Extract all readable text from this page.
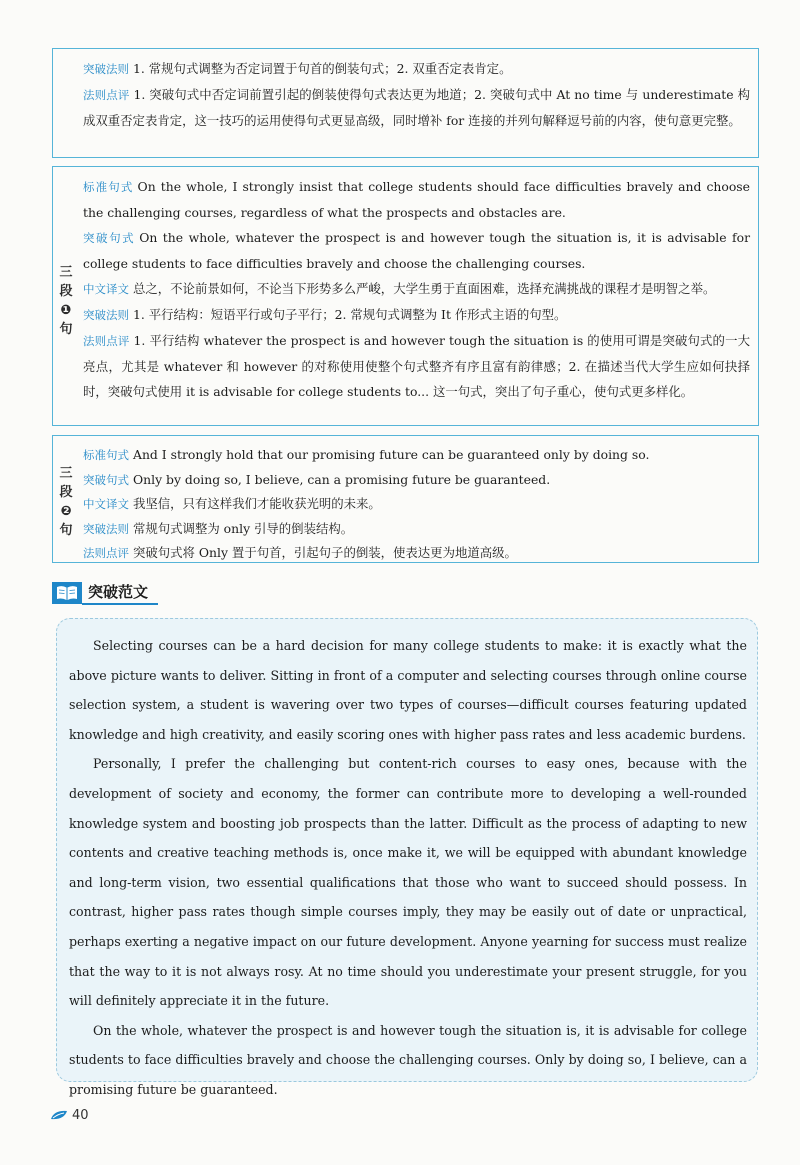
突破法则 1. 常规句式调整为否定词置于句首的倒装句式；2. 双重否定表肯定。
法则点评 1. 突破句式中否定词前置引起的倒装使得句式表达更为地道；2. 突破句式中 At no time 与 underestimate 构成双重否定表肯定，这一技巧的运用使得句式更显高级，同时增补 for 连接的并列句解释逗号前的内容，使句意更完整。
三
段
❶
句
标准句式 On the whole, I strongly insist that college students should face difficulties bravely and choose the challenging courses, regardless of what the prospects and obstacles are.
突破句式 On the whole, whatever the prospect is and however tough the situation is, it is advisable for college students to face difficulties bravely and choose the challenging courses.
中文译文 总之，不论前景如何，不论当下形势多么严峻，大学生勇于直面困难，选择充满挑战的课程才是明智之举。
突破法则 1. 平行结构：短语平行或句子平行；2. 常规句式调整为 It 作形式主语的句型。
法则点评 1. 平行结构 whatever the prospect is and however tough the situation is 的使用可谓是突破句式的一大亮点，尤其是 whatever 和 however 的对称使用使整个句式整齐有序且富有韵律感；2. 在描述当代大学生应如何抉择时，突破句式使用 it is advisable for college students to... 这一句式，突出了句子重心，使句式更多样化。
三
段
❷
句
标准句式 And I strongly hold that our promising future can be guaranteed only by doing so.
突破句式 Only by doing so, I believe, can a promising future be guaranteed.
中文译文 我坚信，只有这样我们才能收获光明的未来。
突破法则 常规句式调整为 only 引导的倒装结构。
法则点评 突破句式将 Only 置于句首，引起句子的倒装，使表达更为地道高级。
突破范文

Selecting courses can be a hard decision for many college students to make: it is exactly what the above picture wants to deliver. Sitting in front of a computer and selecting courses through online course selection system, a student is wavering over two types of courses—difficult courses featuring updated knowledge and high creativity, and easily scoring ones with higher pass rates and less academic burdens.

Personally, I prefer the challenging but content-rich courses to easy ones, because with the development of society and economy, the former can contribute more to developing a well-rounded knowledge system and boosting job prospects than the latter. Difficult as the process of adapting to new contents and creative teaching methods is, once make it, we will be equipped with abundant knowledge and long-term vision, two essential qualifications that those who want to succeed should possess. In contrast, higher pass rates though simple courses imply, they may be easily out of date or unpractical, perhaps exerting a negative impact on our future development. Anyone yearning for success must realize that the way to it is not always rosy. At no time should you underestimate your present struggle, for you will definitely appreciate it in the future.

On the whole, whatever the prospect is and however tough the situation is, it is advisable for college students to face difficulties bravely and choose the challenging courses. Only by doing so, I believe, can a promising future be guaranteed.

40
